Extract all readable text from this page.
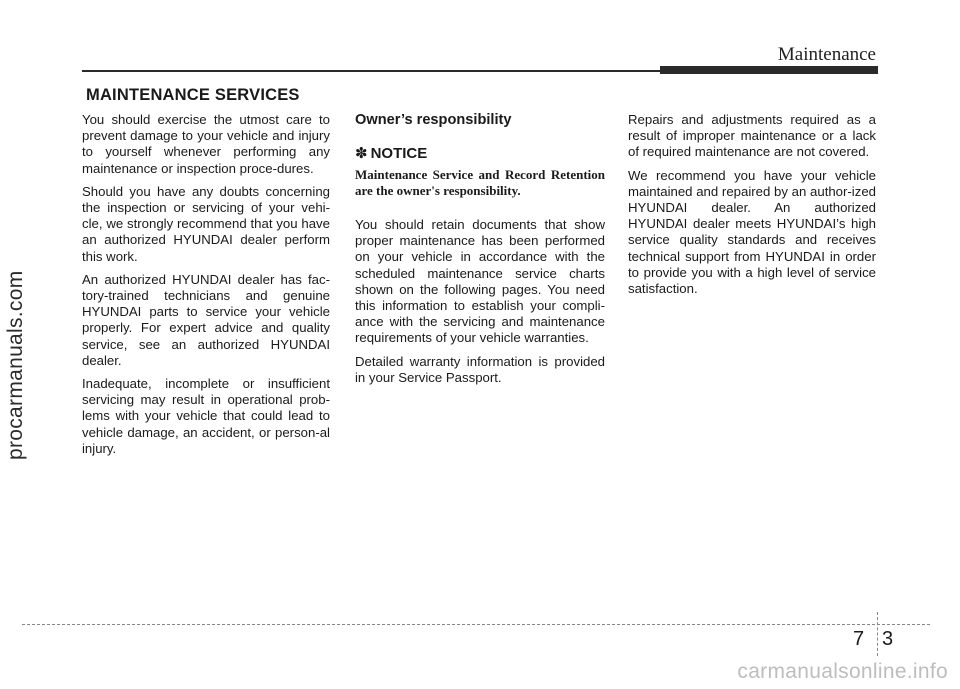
Maintenance
MAINTENANCE SERVICES

You should exercise the utmost care to prevent damage to your vehicle and injury to yourself whenever performing any maintenance or inspection proce-dures.

Should you have any doubts concerning the inspection or servicing of your vehi-cle, we strongly recommend that you have an authorized HYUNDAI dealer perform this work.

An authorized HYUNDAI dealer has fac-tory-trained technicians and genuine HYUNDAI parts to service your vehicle properly. For expert advice and quality service, see an authorized HYUNDAI dealer.

Inadequate, incomplete or insufficient servicing may result in operational prob-lems with your vehicle that could lead to vehicle damage, an accident, or person-al injury.

Owner’s responsibility
✽ NOTICE
Maintenance Service and Record Retention are the owner's responsibility.

You should retain documents that show proper maintenance has been performed on your vehicle in accordance with the scheduled maintenance service charts shown on the following pages. You need this information to establish your compli-ance with the servicing and maintenance requirements of your vehicle warranties.

Detailed warranty information is provided in your Service Passport.

Repairs and adjustments required as a result of improper maintenance or a lack of required maintenance are not covered.

We recommend you have your vehicle maintained and repaired by an author-ized HYUNDAI dealer. An authorized HYUNDAI dealer meets HYUNDAI’s high service quality standards and receives technical support from HYUNDAI in order to provide you with a high level of service satisfaction.

procarmanuals.com
7 3
carmanualsonline.info
